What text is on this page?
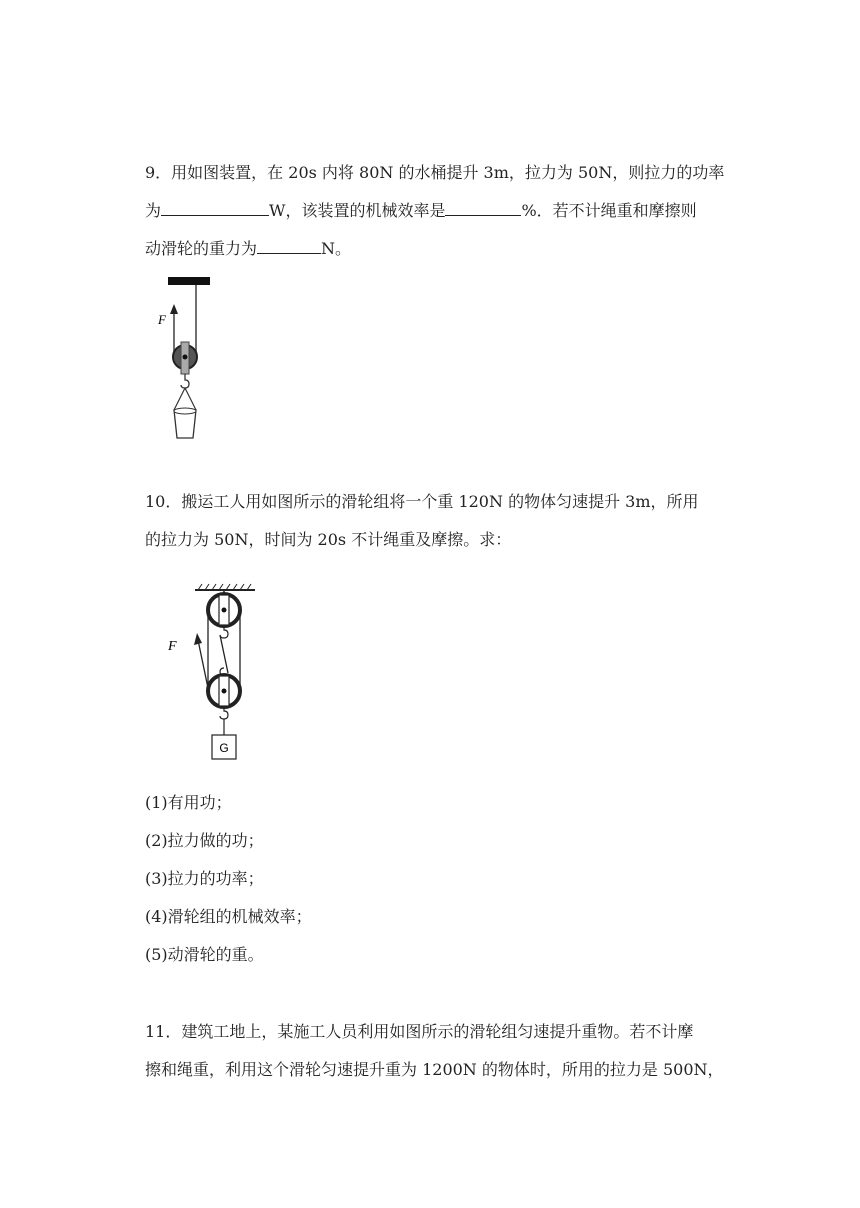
9．用如图装置，在 20s 内将 80N 的水桶提升 3m，拉力为 50N，则拉力的功率
为	W，该装置的机械效率是	%．若不计绳重和摩擦则
动滑轮的重力为	N。
F
10．搬运工人用如图所示的滑轮组将一个重 120N 的物体匀速提升 3m，所用
的拉力为 50N，时间为 20s 不计绳重及摩擦。求：
F
G
(1)有用功；
(2)拉力做的功；
(3)拉力的功率；
(4)滑轮组的机械效率；
(5)动滑轮的重。
11．建筑工地上，某施工人员利用如图所示的滑轮组匀速提升重物。若不计摩
擦和绳重，利用这个滑轮匀速提升重为 1200N 的物体时，所用的拉力是 500N，
